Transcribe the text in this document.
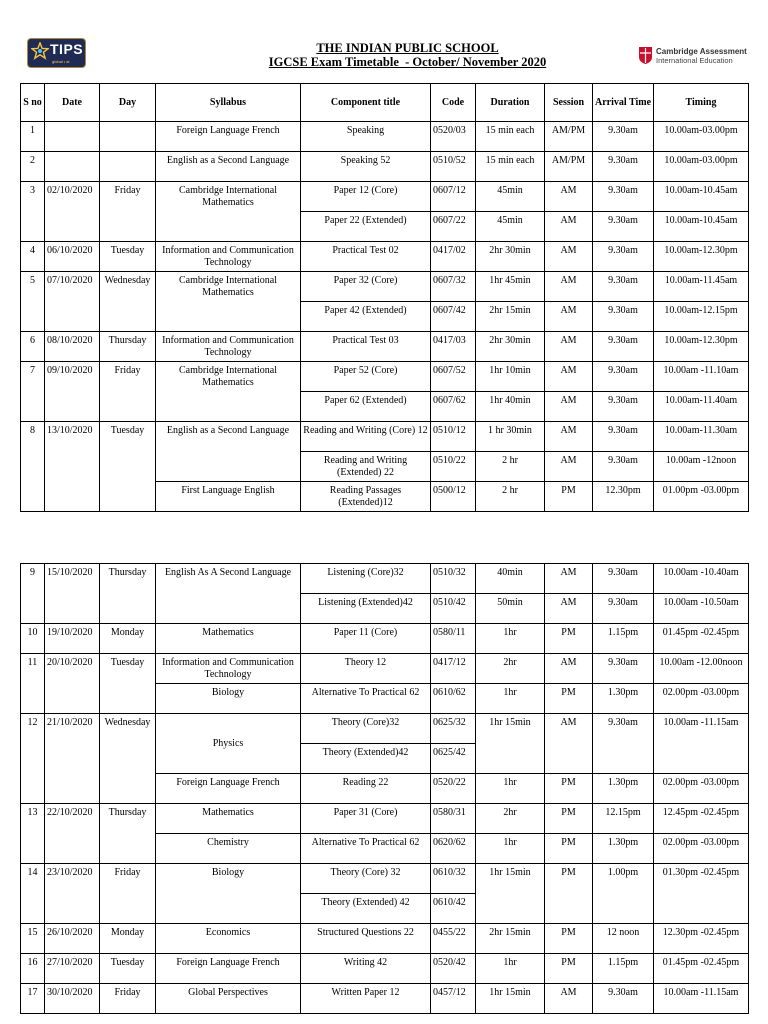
TIPS
global • ai
THE INDIAN PUBLIC SCHOOL
IGCSE Exam Timetable  - October/ November 2020
Cambridge Assessment
International Education
S no	Date	Day	Syllabus	Component title	Code	Duration	Session	Arrival Time	Timing
1			Foreign Language French	Speaking	0520/03	15 min each	AM/PM	9.30am	10.00am-03.00pm
2			English as a Second Language	Speaking 52	0510/52	15 min each	AM/PM	9.30am	10.00am-03.00pm
3	02/10/2020	Friday	Cambridge International Mathematics	Paper 12 (Core)	0607/12	45min	AM	9.30am	10.00am-10.45am
				Paper 22 (Extended)	0607/22	45min	AM	9.30am	10.00am-10.45am
4	06/10/2020	Tuesday	Information and Communication Technology	Practical Test 02	0417/02	2hr 30min	AM	9.30am	10.00am-12.30pm
5	07/10/2020	Wednesday	Cambridge International Mathematics	Paper 32 (Core)	0607/32	1hr 45min	AM	9.30am	10.00am-11.45am
				Paper 42 (Extended)	0607/42	2hr 15min	AM	9.30am	10.00am-12.15pm
6	08/10/2020	Thursday	Information and Communication Technology	Practical Test 03	0417/03	2hr 30min	AM	9.30am	10.00am-12.30pm
7	09/10/2020	Friday	Cambridge International Mathematics	Paper 52 (Core)	0607/52	1hr 10min	AM	9.30am	10.00am -11.10am
				Paper 62 (Extended)	0607/62	1hr 40min	AM	9.30am	10.00am-11.40am
8	13/10/2020	Tuesday	English as a Second Language	Reading and Writing (Core) 12	0510/12	1 hr 30min	AM	9.30am	10.00am-11.30am
				Reading and Writing (Extended) 22	0510/22	2 hr	AM	9.30am	10.00am -12noon
			First Language English	Reading Passages (Extended)12	0500/12	2 hr	PM	12.30pm	01.00pm -03.00pm
9	15/10/2020	Thursday	English As A Second Language	Listening (Core)32	0510/32	40min	AM	9.30am	10.00am -10.40am
				Listening (Extended)42	0510/42	50min	AM	9.30am	10.00am -10.50am
10	19/10/2020	Monday	Mathematics	Paper 11 (Core)	0580/11	1hr	PM	1.15pm	01.45pm -02.45pm
11	20/10/2020	Tuesday	Information and Communication Technology	Theory 12	0417/12	2hr	AM	9.30am	10.00am -12.00noon
			Biology	Alternative To Practical 62	0610/62	1hr	PM	1.30pm	02.00pm -03.00pm
12	21/10/2020	Wednesday	Physics	Theory (Core)32	0625/32	1hr 15min	AM	9.30am	10.00am -11.15am
				Theory (Extended)42	0625/42				
			Foreign Language French	Reading 22	0520/22	1hr	PM	1.30pm	02.00pm -03.00pm
13	22/10/2020	Thursday	Mathematics	Paper 31 (Core)	0580/31	2hr	PM	12.15pm	12.45pm -02.45pm
			Chemistry	Alternative To Practical 62	0620/62	1hr	PM	1.30pm	02.00pm -03.00pm
14	23/10/2020	Friday	Biology	Theory (Core) 32	0610/32	1hr 15min	PM	1.00pm	01.30pm -02.45pm
				Theory (Extended) 42	0610/42				
15	26/10/2020	Monday	Economics	Structured Questions 22	0455/22	2hr 15min	PM	12 noon	12.30pm -02.45pm
16	27/10/2020	Tuesday	Foreign Language French	Writing 42	0520/42	1hr	PM	1.15pm	01.45pm -02.45pm
17	30/10/2020	Friday	Global Perspectives	Written Paper 12	0457/12	1hr 15min	AM	9.30am	10.00am -11.15am
